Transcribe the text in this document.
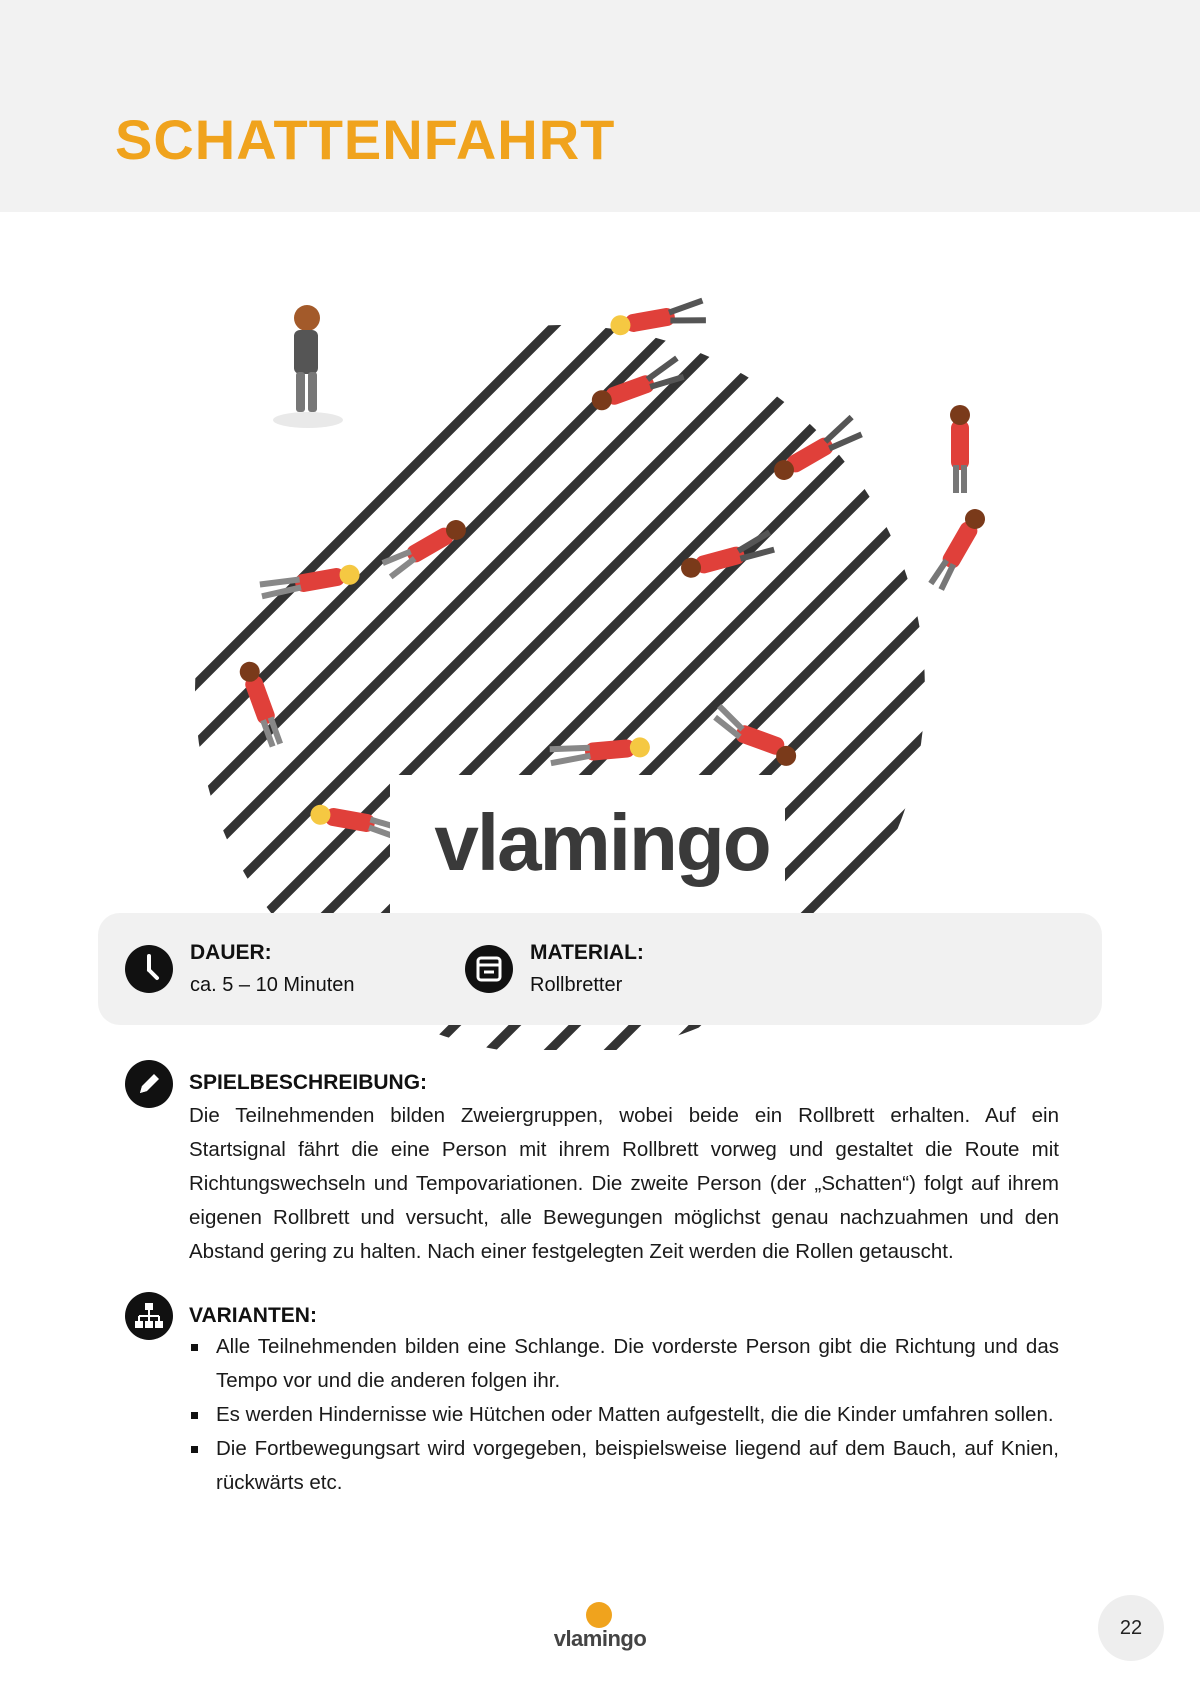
SCHATTENFAHRT
vlamingo
DAUER:
ca. 5 – 10 Minuten
MATERIAL:
Rollbretter
SPIELBESCHREIBUNG:

Die Teilnehmenden bilden Zweiergruppen, wobei beide ein Rollbrett erhalten. Auf ein Startsignal fährt die eine Person mit ihrem Rollbrett vorweg und gestaltet die Route mit Richtungswechseln und Tempovariationen. Die zweite Person (der „Schatten“) folgt auf ihrem eigenen Rollbrett und versucht, alle Bewegungen möglichst genau nachzuahmen und den Abstand gering zu halten. Nach einer festgelegten Zeit werden die Rollen getauscht.

VARIANTEN:
Alle Teilnehmenden bilden eine Schlange. Die vorderste Person gibt die Richtung und das Tempo vor und die anderen folgen ihr.
Es werden Hindernisse wie Hütchen oder Matten aufgestellt, die die Kinder umfahren sollen.
Die Fortbewegungsart wird vorgegeben, beispielsweise liegend auf dem Bauch, auf Knien, rückwärts etc.
vlamingo	22
